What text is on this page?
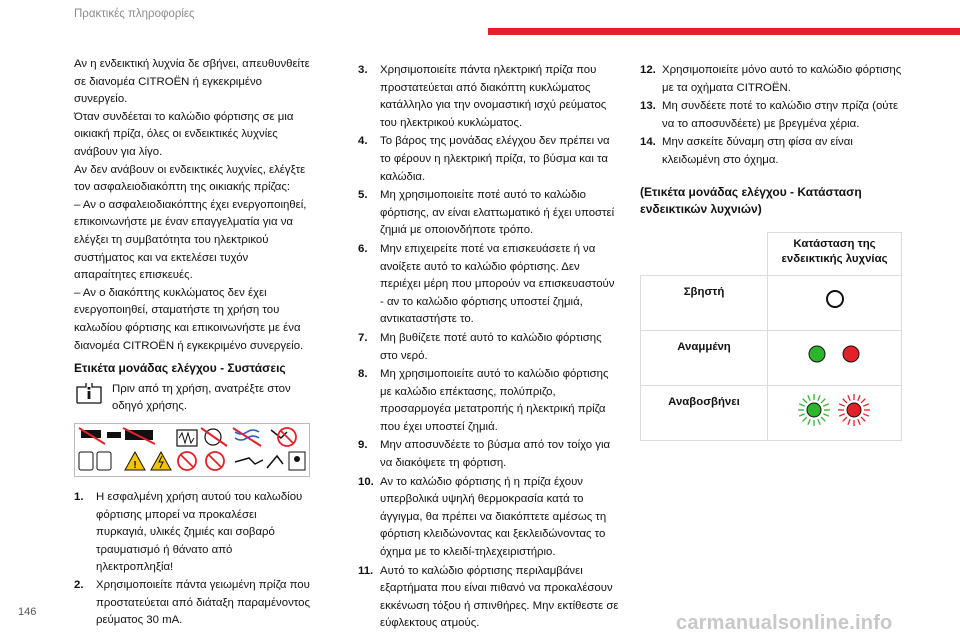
Πρακτικές πληροφορίες

Αν η ενδεικτική λυχνία δε σβήνει, απευθυνθείτε σε διανομέα CITROËN ή εγκεκριμένο συνεργείο.

Όταν συνδέεται το καλώδιο φόρτισης σε μια οικιακή πρίζα, όλες οι ενδεικτικές λυχνίες ανάβουν για λίγο.

Αν δεν ανάβουν οι ενδεικτικές λυχνίες, ελέγξτε τον ασφαλειοδιακόπτη της οικιακής πρίζας:

– Αν ο ασφαλειοδιακόπτης έχει ενεργοποιηθεί, επικοινωνήστε με έναν επαγγελματία για να ελέγξει τη συμβατότητα του ηλεκτρικού συστήματος και να εκτελέσει τυχόν απαραίτητες επισκευές.

– Αν ο διακόπτης κυκλώματος δεν έχει ενεργοποιηθεί, σταματήστε τη χρήση του καλωδίου φόρτισης και επικοινωνήστε με ένα διανομέα CITROËN ή εγκεκριμένο συνεργείο.

Ετικέτα μονάδας ελέγχου - Συστάσεις
Πριν από τη χρήση, ανατρέξτε στον οδηγό χρήσης.
!
1.	Η εσφαλμένη χρήση αυτού του καλωδίου φόρτισης μπορεί να προκαλέσει πυρκαγιά, υλικές ζημιές και σοβαρό τραυματισμό ή θάνατο από ηλεκτροπληξία!
2.	Χρησιμοποιείτε πάντα γειωμένη πρίζα που προστατεύεται από διάταξη παραμένοντος ρεύματος 30 mA.
3.	Χρησιμοποιείτε πάντα ηλεκτρική πρίζα που προστατεύεται από διακόπτη κυκλώματος κατάλληλο για την ονομαστική ισχύ ρεύματος του ηλεκτρικού κυκλώματος.
4.	Το βάρος της μονάδας ελέγχου δεν πρέπει να το φέρουν η ηλεκτρική πρίζα, το βύσμα και τα καλώδια.
5.	Μη χρησιμοποιείτε ποτέ αυτό το καλώδιο φόρτισης, αν είναι ελαττωματικό ή έχει υποστεί ζημιά με οποιονδήποτε τρόπο.
6.	Μην επιχειρείτε ποτέ να επισκευάσετε ή να ανοίξετε αυτό το καλώδιο φόρτισης. Δεν περιέχει μέρη που μπορούν να επισκευαστούν - αν το καλώδιο φόρτισης υποστεί ζημιά, αντικαταστήστε το.
7.	Μη βυθίζετε ποτέ αυτό το καλώδιο φόρτισης στο νερό.
8.	Μη χρησιμοποιείτε αυτό το καλώδιο φόρτισης με καλώδιο επέκτασης, πολύπριζο, προσαρμογέα μετατροπής ή ηλεκτρική πρίζα που έχει υποστεί ζημιά.
9.	Μην αποσυνδέετε το βύσμα από τον τοίχο για να διακόψετε τη φόρτιση.
10. Αν το καλώδιο φόρτισης ή η πρίζα έχουν υπερβολικά υψηλή θερμοκρασία κατά το άγγιγμα, θα πρέπει να διακόπτετε αμέσως τη φόρτιση κλειδώνοντας και ξεκλειδώνοντας το όχημα με το κλειδί-τηλεχειριστήριο.
11. Αυτό το καλώδιο φόρτισης περιλαμβάνει εξαρτήματα που είναι πιθανό να προκαλέσουν εκκένωση τόξου ή σπινθήρες. Μην εκτίθεστε σε εύφλεκτους ατμούς.
12. Χρησιμοποιείτε μόνο αυτό το καλώδιο φόρτισης με τα οχήματα CITROËN.
13. Μη συνδέετε ποτέ το καλώδιο στην πρίζα (ούτε να το αποσυνδέετε) με βρεγμένα χέρια.
14. Μην ασκείτε δύναμη στη φίσα αν είναι κλειδωμένη στο όχημα.
(Ετικέτα μονάδας ελέγχου - Κατάσταση ενδεικτικών λυχνιών)
	Κατάσταση της ενδεικτικής λυχνίας
Σβηστή	
Αναμμένη	
Αναβοσβήνει	
146	carmanualsonline.info
